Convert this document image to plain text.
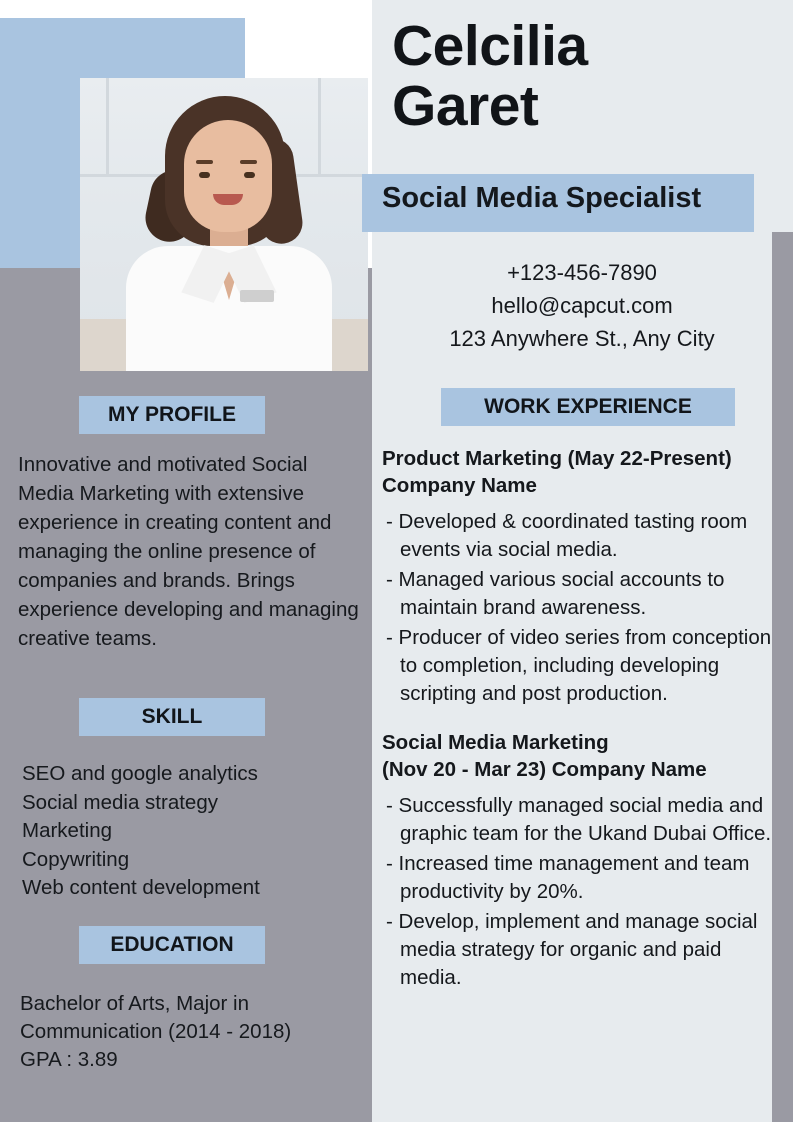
Celcilia
Garet
Social Media Specialist
+123-456-7890
hello@capcut.com
123 Anywhere St., Any City
MY PROFILE
SKILL
EDUCATION
WORK EXPERIENCE
Innovative and motivated Social Media Marketing with extensive experience in creating content and managing the online presence of companies and brands. Brings experience developing and managing creative teams.
SEO and google analytics
Social media strategy
Marketing
Copywriting
Web content development
Bachelor of Arts, Major in
Communication (2014 - 2018)
GPA : 3.89
Product Marketing (May 22-Present)
Company Name
- Developed & coordinated tasting room events via social media.
- Managed various social accounts to maintain brand awareness.
- Producer of video series from conception to completion, including developing scripting and post production.
Social Media Marketing
(Nov 20 - Mar 23) Company Name
- Successfully managed social media and graphic team for the Ukand Dubai Office.
- Increased time management and team productivity by 20%.
- Develop, implement and manage social media strategy for organic and paid media.
